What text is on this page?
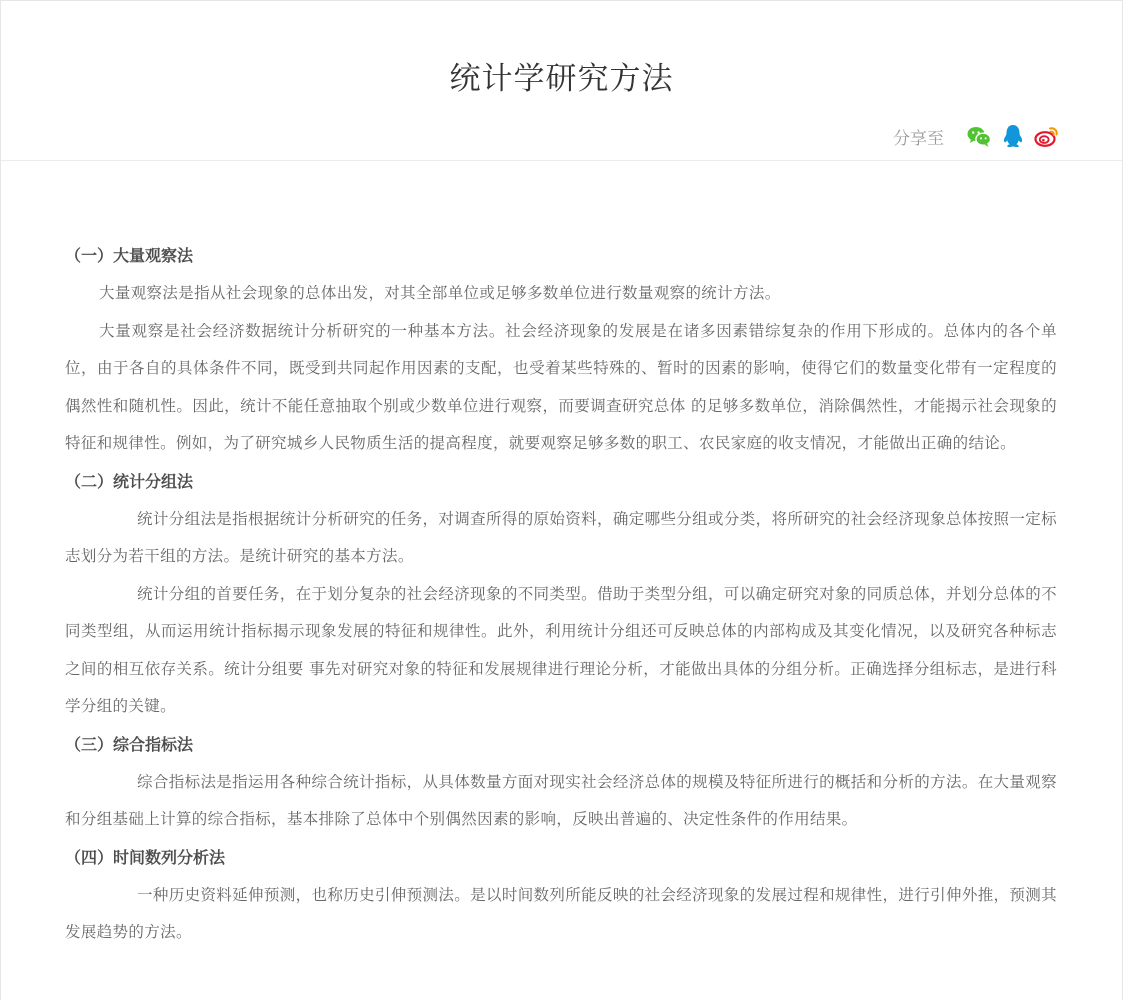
统计学研究方法
分享至

（一）大量观察法

大量观察法是指从社会现象的总体出发，对其全部单位或足够多数单位进行数量观察的统计方法。

大量观察是社会经济数据统计分析研究的一种基本方法。社会经济现象的发展是在诸多因素错综复杂的作用下形成的。总体内的各个单位，由于各自的具体条件不同，既受到共同起作用因素的支配，也受着某些特殊的、暂时的因素的影响，使得它们的数量变化带有一定程度的偶然性和随机性。因此，统计不能任意抽取个别或少数单位进行观察，而要调查研究总体 的足够多数单位，消除偶然性，才能揭示社会现象的特征和规律性。例如，为了研究城乡人民物质生活的提高程度，就要观察足够多数的职工、农民家庭的收支情况，才能做出正确的结论。

（二）统计分组法

统计分组法是指根据统计分析研究的任务，对调查所得的原始资料，确定哪些分组或分类，将所研究的社会经济现象总体按照一定标志划分为若干组的方法。是统计研究的基本方法。

统计分组的首要任务，在于划分复杂的社会经济现象的不同类型。借助于类型分组，可以确定研究对象的同质总体，并划分总体的不同类型组，从而运用统计指标揭示现象发展的特征和规律性。此外，利用统计分组还可反映总体的内部构成及其变化情况，以及研究各种标志之间的相互依存关系。统计分组要 事先对研究对象的特征和发展规律进行理论分析，才能做出具体的分组分析。正确选择分组标志，是进行科学分组的关键。

（三）综合指标法

综合指标法是指运用各种综合统计指标，从具体数量方面对现实社会经济总体的规模及特征所进行的概括和分析的方法。在大量观察和分组基础上计算的综合指标，基本排除了总体中个别偶然因素的影响，反映出普遍的、决定性条件的作用结果。

（四）时间数列分析法

一种历史资料延伸预测，也称历史引伸预测法。是以时间数列所能反映的社会经济现象的发展过程和规律性，进行引伸外推，预测其发展趋势的方法。
